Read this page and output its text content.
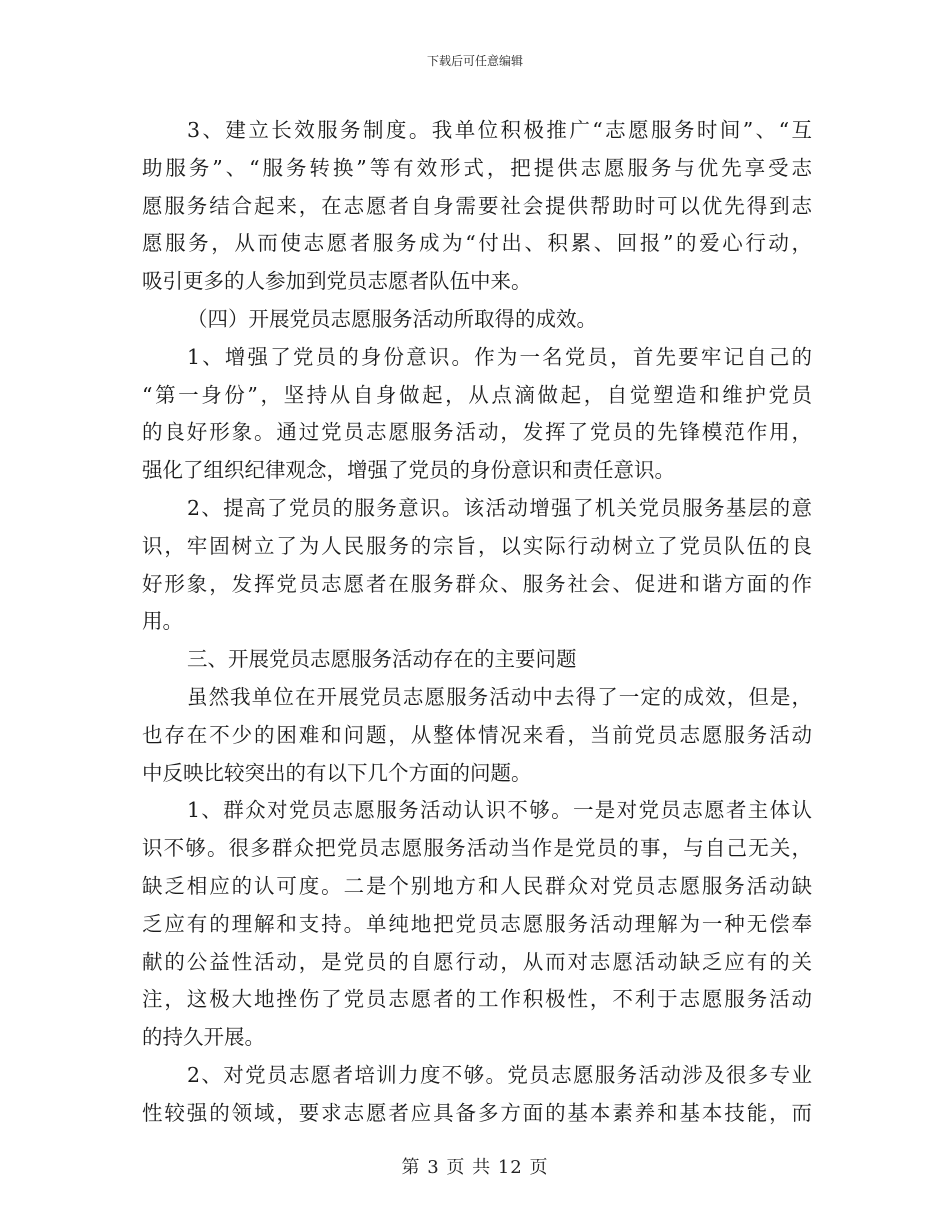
下载后可任意编辑
3、建立长效服务制度。我单位积极推广“志愿服务时间”、“互
助服务”、“服务转换”等有效形式，把提供志愿服务与优先享受志
愿服务结合起来，在志愿者自身需要社会提供帮助时可以优先得到志
愿服务，从而使志愿者服务成为“付出、积累、回报”的爱心行动，
吸引更多的人参加到党员志愿者队伍中来。
（四）开展党员志愿服务活动所取得的成效。
1、增强了党员的身份意识。作为一名党员，首先要牢记自己的
“第一身份”，坚持从自身做起，从点滴做起，自觉塑造和维护党员
的良好形象。通过党员志愿服务活动，发挥了党员的先锋模范作用，
强化了组织纪律观念，增强了党员的身份意识和责任意识。
2、提高了党员的服务意识。该活动增强了机关党员服务基层的意
识，牢固树立了为人民服务的宗旨，以实际行动树立了党员队伍的良
好形象，发挥党员志愿者在服务群众、服务社会、促进和谐方面的作
用。
三、开展党员志愿服务活动存在的主要问题
虽然我单位在开展党员志愿服务活动中去得了一定的成效，但是，
也存在不少的困难和问题，从整体情况来看，当前党员志愿服务活动
中反映比较突出的有以下几个方面的问题。
1、群众对党员志愿服务活动认识不够。一是对党员志愿者主体认
识不够。很多群众把党员志愿服务活动当作是党员的事，与自己无关，
缺乏相应的认可度。二是个别地方和人民群众对党员志愿服务活动缺
乏应有的理解和支持。单纯地把党员志愿服务活动理解为一种无偿奉
献的公益性活动，是党员的自愿行动，从而对志愿活动缺乏应有的关
注，这极大地挫伤了党员志愿者的工作积极性，不利于志愿服务活动
的持久开展。
2、对党员志愿者培训力度不够。党员志愿服务活动涉及很多专业
性较强的领域，要求志愿者应具备多方面的基本素养和基本技能，而
第 3 页 共 12 页
